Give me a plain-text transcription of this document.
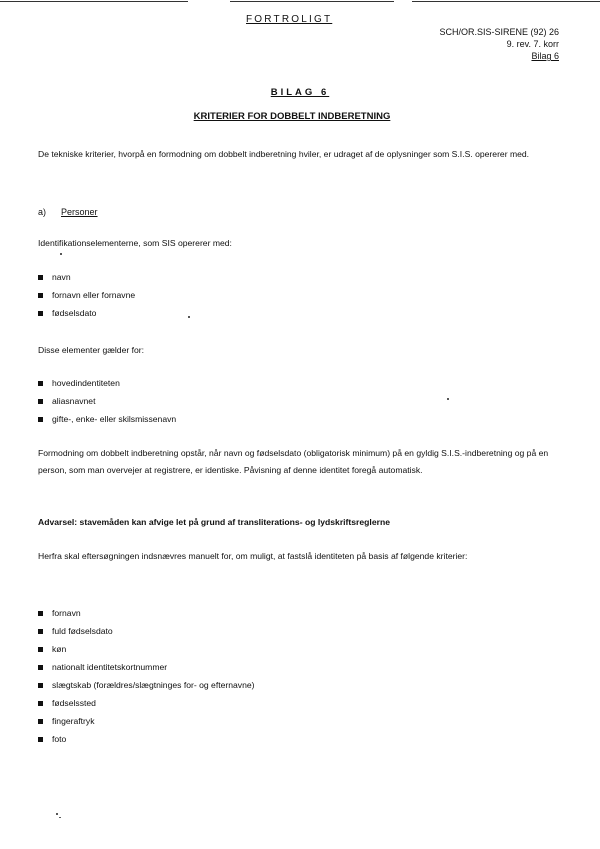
FORTROLIGT
SCH/OR.SIS-SIRENE (92) 26
9. rev. 7. korr
Bilag 6
BILAG 6
KRITERIER FOR DOBBELT INDBERETNING
De tekniske kriterier, hvorpå en formodning om dobbelt indberetning hviler, er udraget af de oplysninger som S.I.S. opererer med.
a) Personer
Identifikationselementerne, som SIS opererer med:
navn
fornavn eller fornavne
fødselsdato
Disse elementer gælder for:
hovedindentiteten
aliasnavnet
gifte-, enke- eller skilsmissenavn
Formodning om dobbelt indberetning opstår, når navn og fødselsdato (obligatorisk minimum) på en gyldig S.I.S.-indberetning og på en person, som man overvejer at registrere, er identiske. Påvisning af denne identitet foregå automatisk.
Advarsel: stavemåden kan afvige let på grund af transliterations- og lydskriftsreglerne
Herfra skal eftersøgningen indsnævres manuelt for, om muligt, at fastslå identiteten på basis af følgende kriterier:
fornavn
fuld fødselsdato
køn
nationalt identitetskortnummer
slægtskab (forældres/slægtninges for- og efternavne)
fødselssted
fingeraftryk
foto
